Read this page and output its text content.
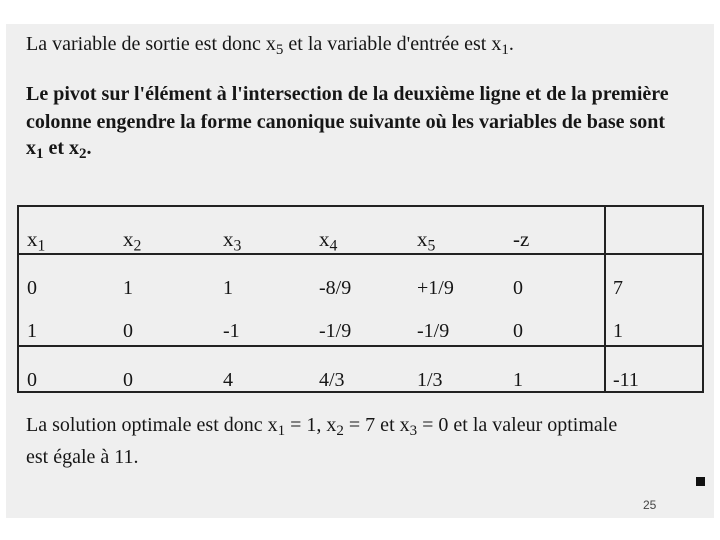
La variable de sortie est donc $x_5$ et la variable d'entrée est $x_1$.
Le pivot sur l'élément à l'intersection de la deuxième ligne et de la première
colonne engendre la forme canonique suivante où les variables de base sont
$x_1$ et $x_2$.
$x_1$	$x_2$	$x_3$	$x_4$	$x_5$	-z
0	1	1	-8/9	+1/9	0	7
1	0	-1	-1/9	-1/9	0	1
0	0	4	4/3	1/3	1	-11
La solution optimale est donc $x_1 = 1$, $x_2 = 7$ et $x_3 = 0$ et la valeur optimale
est égale à 11.
25
